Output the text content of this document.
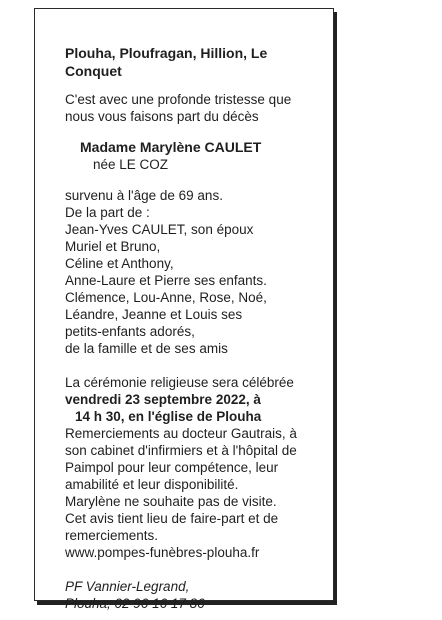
Plouha, Ploufragan, Hillion, Le
Conquet

C'est avec une profonde tristesse que
nous vous faisons part du décès

Madame Marylène CAULET

née LE COZ

survenu à l'âge de 69 ans.
De la part de :
Jean-Yves CAULET, son époux
Muriel et Bruno,
Céline et Anthony,
Anne-Laure et Pierre ses enfants.
Clémence, Lou-Anne, Rose, Noé,
Léandre, Jeanne et Louis ses
petits-enfants adorés,
de la famille et de ses amis
La cérémonie religieuse sera célébrée
vendredi 23 septembre 2022, à
14 h 30, en l'église de Plouha
Remerciements au docteur Gautrais, à
son cabinet d'infirmiers et à l'hôpital de
Paimpol pour leur compétence, leur
amabilité et leur disponibilité.
Marylène ne souhaite pas de visite.
Cet avis tient lieu de faire-part et de
remerciements.
www.pompes-funèbres-plouha.fr
PF Vannier-Legrand,
Plouha, 02 96 16 17 86
